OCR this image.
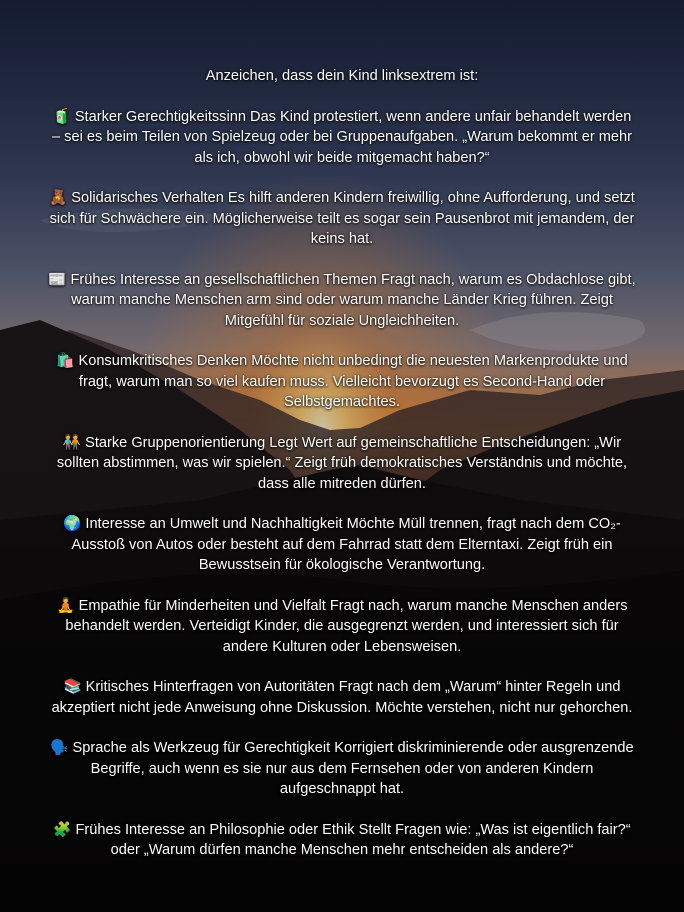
Anzeichen, dass dein Kind linksextrem ist:
🧃 Starker Gerechtigkeitssinn Das Kind protestiert, wenn andere unfair behandelt werden – sei es beim Teilen von Spielzeug oder bei Gruppenaufgaben. „Warum bekommt er mehr als ich, obwohl wir beide mitgemacht haben?“
🧸 Solidarisches Verhalten Es hilft anderen Kindern freiwillig, ohne Aufforderung, und setzt sich für Schwächere ein. Möglicherweise teilt es sogar sein Pausenbrot mit jemandem, der keins hat.
📰 Frühes Interesse an gesellschaftlichen Themen Fragt nach, warum es Obdachlose gibt, warum manche Menschen arm sind oder warum manche Länder Krieg führen. Zeigt Mitgefühl für soziale Ungleichheiten.
🛍️ Konsumkritisches Denken Möchte nicht unbedingt die neuesten Markenprodukte und fragt, warum man so viel kaufen muss. Vielleicht bevorzugt es Second-Hand oder Selbstgemachtes.
🧑‍🤝‍🧑 Starke Gruppenorientierung Legt Wert auf gemeinschaftliche Entscheidungen: „Wir sollten abstimmen, was wir spielen.“ Zeigt früh demokratisches Verständnis und möchte, dass alle mitreden dürfen.
🌍 Interesse an Umwelt und Nachhaltigkeit Möchte Müll trennen, fragt nach dem CO₂-Ausstoß von Autos oder besteht auf dem Fahrrad statt dem Elterntaxi. Zeigt früh ein Bewusstsein für ökologische Verantwortung.
🧘 Empathie für Minderheiten und Vielfalt Fragt nach, warum manche Menschen anders behandelt werden. Verteidigt Kinder, die ausgegrenzt werden, und interessiert sich für andere Kulturen oder Lebensweisen.
📚 Kritisches Hinterfragen von Autoritäten Fragt nach dem „Warum“ hinter Regeln und akzeptiert nicht jede Anweisung ohne Diskussion. Möchte verstehen, nicht nur gehorchen.
🗣️ Sprache als Werkzeug für Gerechtigkeit Korrigiert diskriminierende oder ausgrenzende Begriffe, auch wenn es sie nur aus dem Fernsehen oder von anderen Kindern aufgeschnappt hat.
🧩 Frühes Interesse an Philosophie oder Ethik Stellt Fragen wie: „Was ist eigentlich fair?“ oder „Warum dürfen manche Menschen mehr entscheiden als andere?“
